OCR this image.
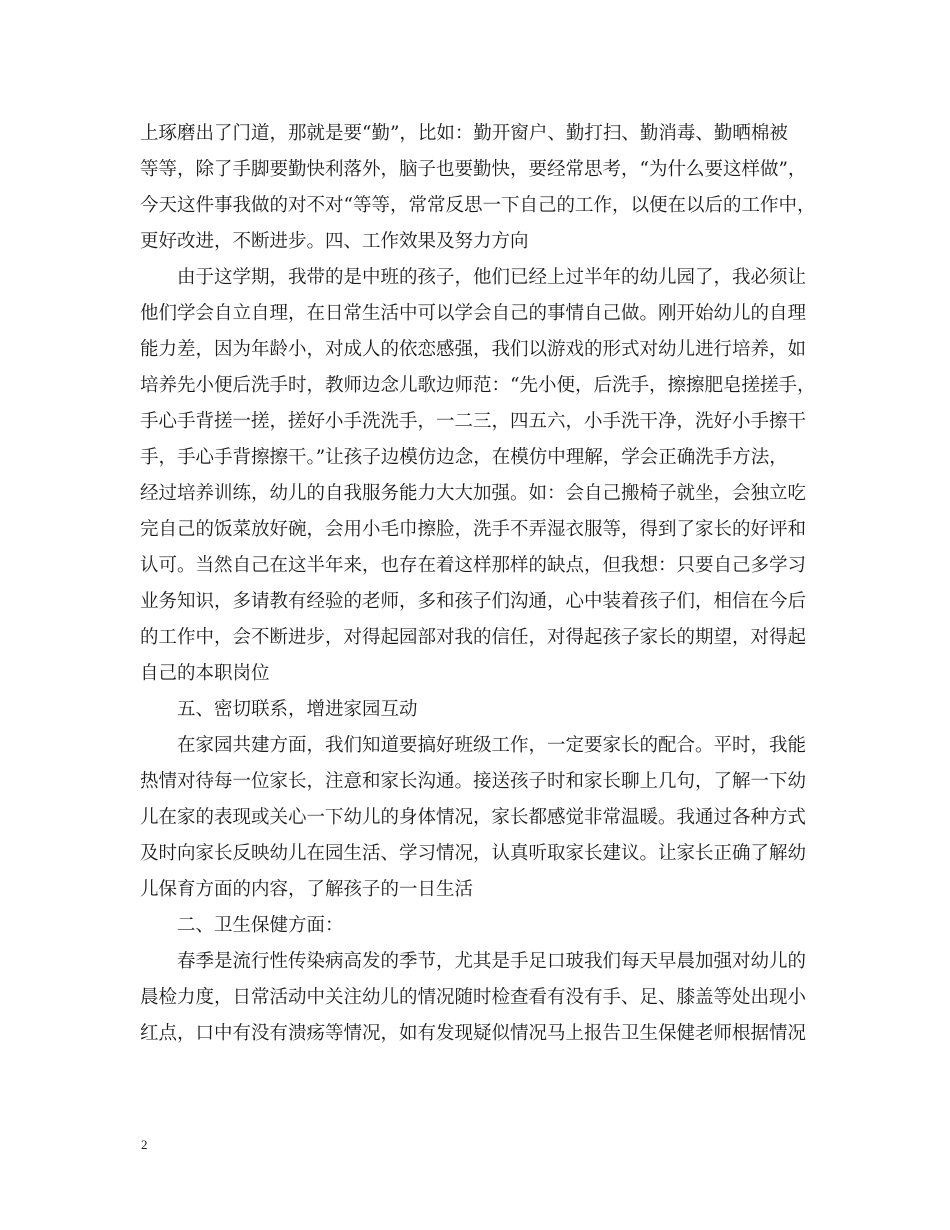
上琢磨出了门道，那就是要“勤”，比如：勤开窗户、勤打扫、勤消毒、勤晒棉被
等等，除了手脚要勤快利落外，脑子也要勤快，要经常思考，“为什么要这样做”，
今天这件事我做的对不对“等等，常常反思一下自己的工作，以便在以后的工作中，
更好改进，不断进步。四、工作效果及努力方向
由于这学期，我带的是中班的孩子，他们已经上过半年的幼儿园了，我必须让
他们学会自立自理，在日常生活中可以学会自己的事情自己做。刚开始幼儿的自理
能力差，因为年龄小，对成人的依恋感强，我们以游戏的形式对幼儿进行培养，如
培养先小便后洗手时，教师边念儿歌边师范：“先小便，后洗手，擦擦肥皂搓搓手，
手心手背搓一搓，搓好小手洗洗手，一二三，四五六，小手洗干净，洗好小手擦干
手，手心手背擦擦干。”让孩子边模仿边念，在模仿中理解，学会正确洗手方法，
经过培养训练，幼儿的自我服务能力大大加强。如：会自己搬椅子就坐，会独立吃
完自己的饭菜放好碗，会用小毛巾擦脸，洗手不弄湿衣服等，得到了家长的好评和
认可。当然自己在这半年来，也存在着这样那样的缺点，但我想：只要自己多学习
业务知识，多请教有经验的老师，多和孩子们沟通，心中装着孩子们，相信在今后
的工作中，会不断进步，对得起园部对我的信任，对得起孩子家长的期望，对得起
自己的本职岗位
五、密切联系，增进家园互动
在家园共建方面，我们知道要搞好班级工作，一定要家长的配合。平时，我能
热情对待每一位家长，注意和家长沟通。接送孩子时和家长聊上几句，了解一下幼
儿在家的表现或关心一下幼儿的身体情况，家长都感觉非常温暖。我通过各种方式
及时向家长反映幼儿在园生活、学习情况，认真听取家长建议。让家长正确了解幼
儿保育方面的内容，了解孩子的一日生活
二、卫生保健方面：
春季是流行性传染病高发的季节，尤其是手足口玻我们每天早晨加强对幼儿的
晨检力度，日常活动中关注幼儿的情况随时检查看有没有手、足、膝盖等处出现小
红点，口中有没有溃疡等情况，如有发现疑似情况马上报告卫生保健老师根据情况
2
